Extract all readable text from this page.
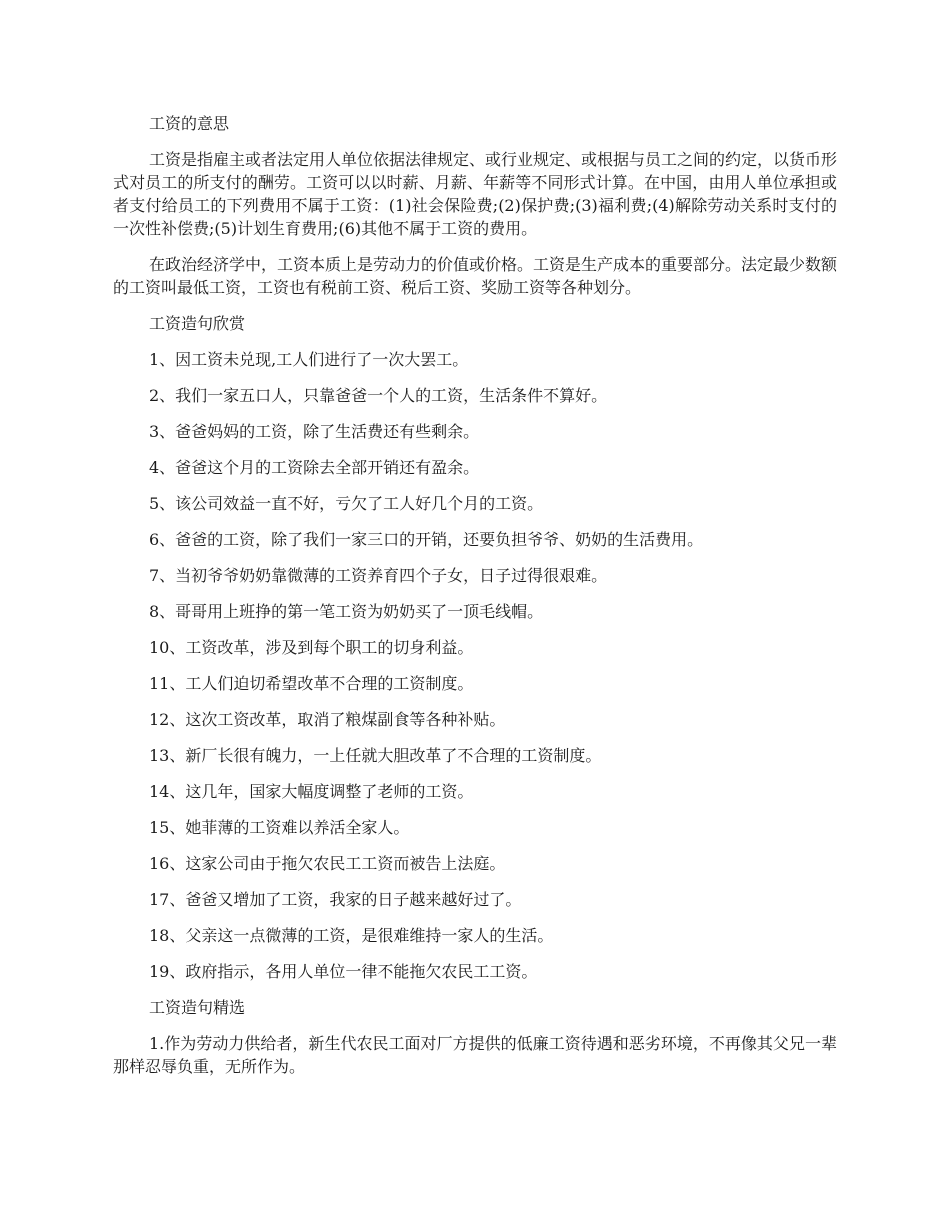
工资的意思

工资是指雇主或者法定用人单位依据法律规定、或行业规定、或根据与员工之间的约定，以货币形式对员工的所支付的酬劳。工资可以以时薪、月薪、年薪等不同形式计算。在中国，由用人单位承担或者支付给员工的下列费用不属于工资：(1)社会保险费;(2)保护费;(3)福利费;(4)解除劳动关系时支付的一次性补偿费;(5)计划生育费用;(6)其他不属于工资的费用。

在政治经济学中，工资本质上是劳动力的价值或价格。工资是生产成本的重要部分。法定最少数额的工资叫最低工资，工资也有税前工资、税后工资、奖励工资等各种划分。

工资造句欣赏

1、因工资未兑现,工人们进行了一次大罢工。

2、我们一家五口人，只靠爸爸一个人的工资，生活条件不算好。

3、爸爸妈妈的工资，除了生活费还有些剩余。

4、爸爸这个月的工资除去全部开销还有盈余。

5、该公司效益一直不好，亏欠了工人好几个月的工资。

6、爸爸的工资，除了我们一家三口的开销，还要负担爷爷、奶奶的生活费用。

7、当初爷爷奶奶靠微薄的工资养育四个子女，日子过得很艰难。

8、哥哥用上班挣的第一笔工资为奶奶买了一顶毛线帽。

10、工资改革，涉及到每个职工的切身利益。

11、工人们迫切希望改革不合理的工资制度。

12、这次工资改革，取消了粮煤副食等各种补贴。

13、新厂长很有魄力，一上任就大胆改革了不合理的工资制度。

14、这几年，国家大幅度调整了老师的工资。

15、她菲薄的工资难以养活全家人。

16、这家公司由于拖欠农民工工资而被告上法庭。

17、爸爸又增加了工资，我家的日子越来越好过了。

18、父亲这一点微薄的工资，是很难维持一家人的生活。

19、政府指示，各用人单位一律不能拖欠农民工工资。

工资造句精选

1.作为劳动力供给者，新生代农民工面对厂方提供的低廉工资待遇和恶劣环境，不再像其父兄一辈那样忍辱负重，无所作为。
